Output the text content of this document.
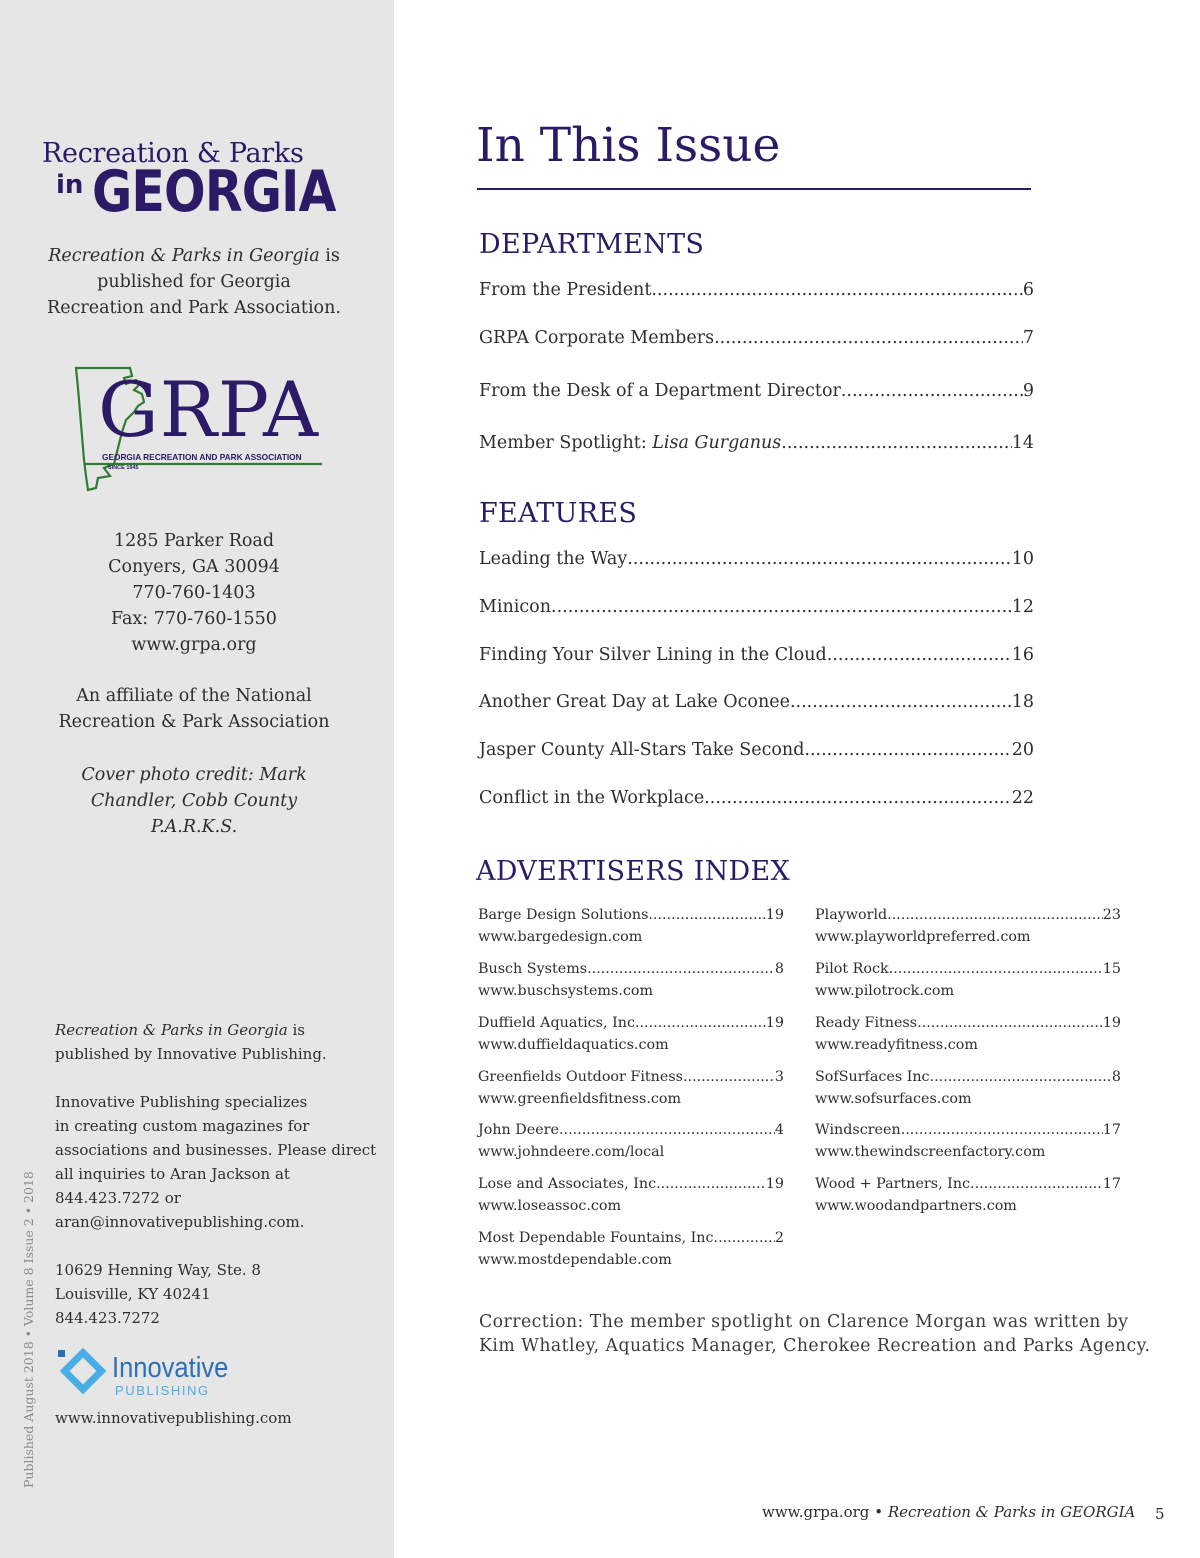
Recreation & Parks
in GEORGIA
Recreation & Parks in Georgia is
published for Georgia
Recreation and Park Association.
GRPA
GEORGIA RECREATION AND PARK ASSOCIATION
SINCE 1945
1285 Parker Road
Conyers, GA 30094
770-760-1403
Fax: 770-760-1550
www.grpa.org
An affiliate of the National
Recreation & Park Association
Cover photo credit: Mark
Chandler, Cobb County
P.A.R.K.S.

Recreation & Parks in Georgia is
published by Innovative Publishing.

Innovative Publishing specializes
in creating custom magazines for
associations and businesses. Please direct
all inquiries to Aran Jackson at
844.423.7272 or
aran@innovativepublishing.com.

10629 Henning Way, Ste. 8
Louisville, KY 40241
844.423.7272

Innovative
PUBLISHING
www.innovativepublishing.com
Published August 2018 • Volume 8 Issue 2 • 2018
In This Issue
DEPARTMENTS
From the President .....	6
GRPA Corporate Members .....	7
From the Desk of a Department Director .....	9
Member Spotlight: Lisa Gurganus .....	14
FEATURES
Leading the Way .....	10
Minicon .....	12
Finding Your Silver Lining in the Cloud .....	16
Another Great Day at Lake Oconee .....	18
Jasper County All-Stars Take Second .....	20
Conflict in the Workplace .....	22
ADVERTISERS INDEX
Barge Design Solutions .....	19
www.bargedesign.com
Busch Systems .....	8
www.buschsystems.com
Duffield Aquatics, Inc. .....	19
www.duffieldaquatics.com
Greenfields Outdoor Fitness .....	3
www.greenfieldsfitness.com
John Deere .....	4
www.johndeere.com/local
Lose and Associates, Inc. .....	19
www.loseassoc.com
Most Dependable Fountains, Inc. .....	2
www.mostdependable.com
Playworld .....	23
www.playworldpreferred.com
Pilot Rock .....	15
www.pilotrock.com
Ready Fitness .....	19
www.readyfitness.com
SofSurfaces Inc .....	8
www.sofsurfaces.com
Windscreen .....	17
www.thewindscreenfactory.com
Wood + Partners, Inc. .....	17
www.woodandpartners.com
Correction: The member spotlight on Clarence Morgan was written by
Kim Whatley, Aquatics Manager, Cherokee Recreation and Parks Agency.
www.grpa.org • Recreation & Parks in GEORGIA 5
